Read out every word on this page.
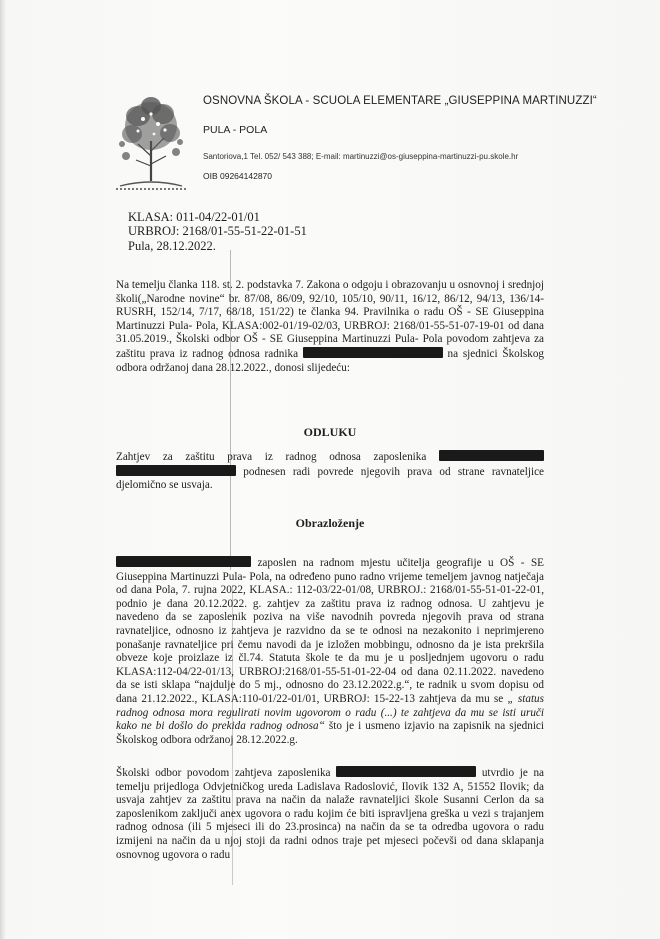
OSNOVNA ŠKOLA - SCUOLA ELEMENTARE „GIUSEPPINA MARTINUZZI“
PULA - POLA
Santoriova,1 Tel. 052/ 543 388; E-mail: martinuzzi@os-giuseppina-martinuzzi-pu.skole.hr
OIB 09264142870
KLASA: 011-04/22-01/01
URBROJ: 2168/01-55-51-22-01-51
Pula, 28.12.2022.
Na temelju članka 118. st. 2. podstavka 7. Zakona o odgoju i obrazovanju u osnovnoj i srednjoj školi(„Narodne novine“ br. 87/08, 86/09, 92/10, 105/10, 90/11, 16/12, 86/12, 94/13, 136/14-RUSRH, 152/14, 7/17, 68/18, 151/22) te članka 94. Pravilnika o radu OŠ - SE Giuseppina Martinuzzi Pula- Pola, KLASA:002-01/19-02/03, URBROJ: 2168/01-55-51-07-19-01 od dana 31.05.2019., Školski odbor OŠ - SE Giuseppina Martinuzzi Pula- Pola povodom zahtjeva za zaštitu prava iz radnog odnosa radnika	na sjednici Školskog odbora održanoj dana 28.12.2022., donosi slijedeću:
ODLUKU
Zahtjev za zaštitu prava iz radnog odnosa zaposlenika   podnesen radi povrede njegovih prava od strane ravnateljice djelomično se usvaja.
Obrazloženje
zaposlen na radnom mjestu učitelja geografije u OŠ - SE Giuseppina Martinuzzi Pula- Pola, na određeno puno radno vrijeme temeljem javnog natječaja od dana Pola, 7. rujna 2022, KLASA.: 112-03/22-01/08, URBROJ.: 2168/01-55-51-01-22-01, podnio je dana 20.12.2022. g. zahtjev za zaštitu prava iz radnog odnosa. U zahtjevu je navedeno da se zaposlenik poziva na više navodnih povreda njegovih prava od strana ravnateljice, odnosno iz zahtjeva je razvidno da se te odnosi na nezakonito i neprimjereno ponašanje ravnateljice pri čemu navodi da je izložen mobbingu, odnosno da je ista prekršila obveze koje proizlaze iz čl.74. Statuta škole te da mu je u posljednjem ugovoru o radu KLASA:112-04/22-01/13, URBROJ:2168/01-55-51-01-22-04 od dana 02.11.2022. navedeno da se isti sklapa “najdulje do 5 mj., odnosno do 23.12.2022.g.“, te radnik u svom dopisu od dana 21.12.2022., KLASA:110-01/22-01/01, URBROJ: 15-22-13 zahtjeva da mu se „ status radnog odnosa mora regulirati novim ugovorom o radu (...) te zahtjeva da mu se isti uruči kako ne bi došlo do prekida radnog odnosa“ što je i usmeno izjavio na zapisnik na sjednici Školskog odbora održanoj 28.12.2022.g.
Školski odbor povodom zahtjeva zaposlenika	utvrdio je na temelju prijedloga Odvjetničkog ureda Ladislava Radoslović, Ilovik 132 A, 51552 Ilovik; da usvaja zahtjev za zaštitu prava na način da nalaže ravnateljici škole Susanni Cerlon da sa zaposlenikom zaključi anex ugovora o radu kojim će biti ispravljena greška u vezi s trajanjem radnog odnosa (ili 5 mjeseci ili do 23.prosinca) na način da se ta odredba ugovora o radu izmijeni na način da u njoj stoji da radni odnos traje pet mjeseci počevši od dana sklapanja osnovnog ugovora o radu
